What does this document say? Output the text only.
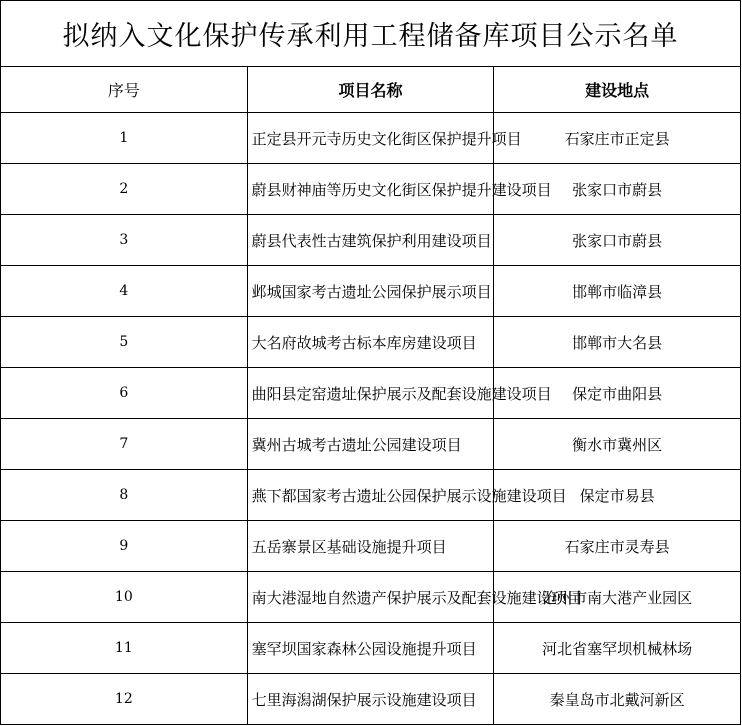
拟纳入文化保护传承利用工程储备库项目公示名单		
序号	项目名称	建设地点
1	正定县开元寺历史文化街区保护提升项目	石家庄市正定县
2	蔚县财神庙等历史文化街区保护提升建设项目	张家口市蔚县
3	蔚县代表性古建筑保护利用建设项目	张家口市蔚县
4	邺城国家考古遗址公园保护展示项目	邯郸市临漳县
5	大名府故城考古标本库房建设项目	邯郸市大名县
6	曲阳县定窑遗址保护展示及配套设施建设项目	保定市曲阳县
7	冀州古城考古遗址公园建设项目	衡水市冀州区
8	燕下都国家考古遗址公园保护展示设施建设项目	保定市易县
9	五岳寨景区基础设施提升项目	石家庄市灵寿县
10	南大港湿地自然遗产保护展示及配套设施建设项目	沧州市南大港产业园区
11	塞罕坝国家森林公园设施提升项目	河北省塞罕坝机械林场
12	七里海潟湖保护展示设施建设项目	秦皇岛市北戴河新区
